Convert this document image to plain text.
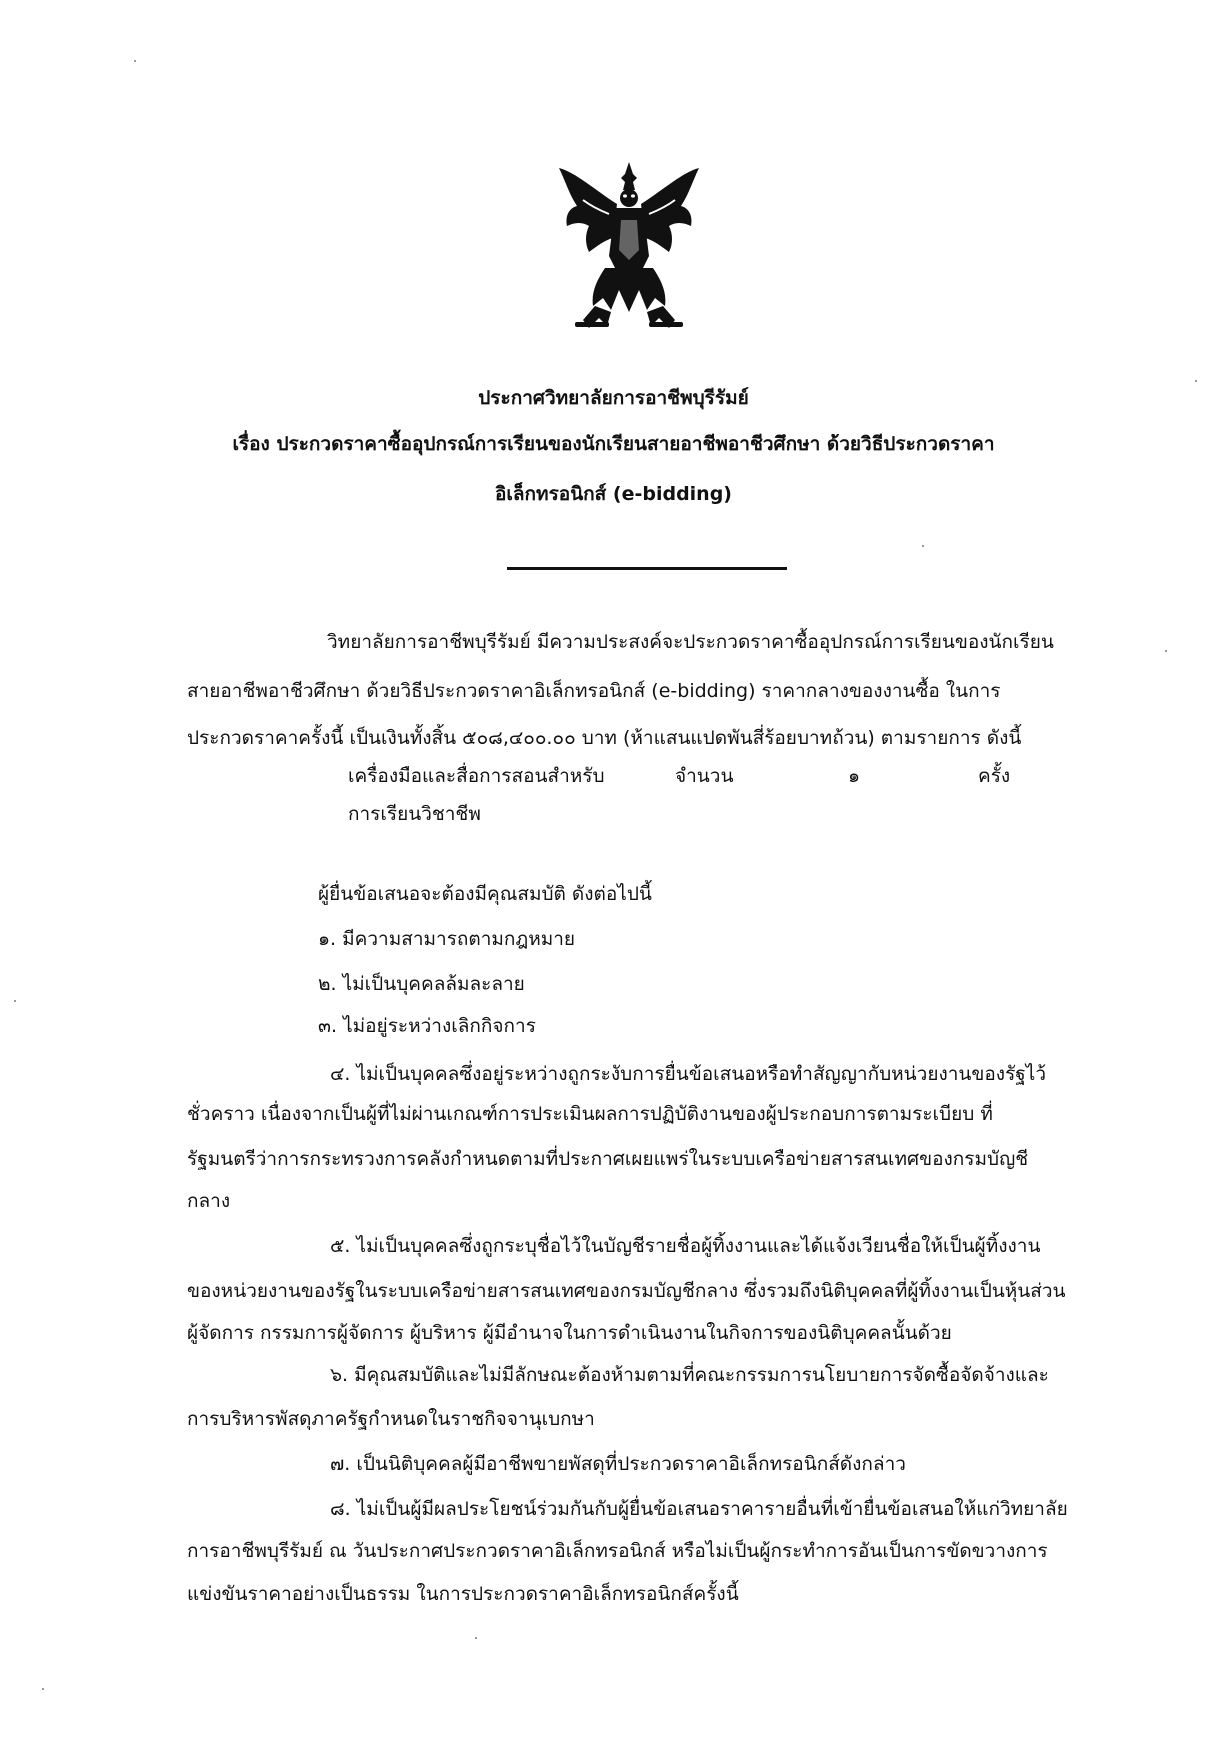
ประกาศวิทยาลัยการอาชีพบุรีรัมย์
เรื่อง ประกวดราคาซื้ออุปกรณ์การเรียนของนักเรียนสายอาชีพอาชีวศึกษา ด้วยวิธีประกวดราคา
อิเล็กทรอนิกส์ (e-bidding)
วิทยาลัยการอาชีพบุรีรัมย์ มีความประสงค์จะประกวดราคาซื้ออุปกรณ์การเรียนของนักเรียน
สายอาชีพอาชีวศึกษา ด้วยวิธีประกวดราคาอิเล็กทรอนิกส์ (e-bidding) ราคากลางของงานซื้อ ในการ
ประกวดราคาครั้งนี้ เป็นเงินทั้งสิ้น ๕๐๘,๔๐๐.๐๐ บาท (ห้าแสนแปดพันสี่ร้อยบาทถ้วน) ตามรายการ ดังนี้
เครื่องมือและสื่อการสอนสำหรับ
การเรียนวิชาชีพ
จำนวน	๑	ครั้ง
ผู้ยื่นข้อเสนอจะต้องมีคุณสมบัติ ดังต่อไปนี้
๑. มีความสามารถตามกฎหมาย
๒. ไม่เป็นบุคคลล้มละลาย
๓. ไม่อยู่ระหว่างเลิกกิจการ
๔. ไม่เป็นบุคคลซึ่งอยู่ระหว่างถูกระงับการยื่นข้อเสนอหรือทำสัญญากับหน่วยงานของรัฐไว้
ชั่วคราว เนื่องจากเป็นผู้ที่ไม่ผ่านเกณฑ์การประเมินผลการปฏิบัติงานของผู้ประกอบการตามระเบียบ ที่
รัฐมนตรีว่าการกระทรวงการคลังกำหนดตามที่ประกาศเผยแพร่ในระบบเครือข่ายสารสนเทศของกรมบัญชี
กลาง
๕. ไม่เป็นบุคคลซึ่งถูกระบุชื่อไว้ในบัญชีรายชื่อผู้ทิ้งงานและได้แจ้งเวียนชื่อให้เป็นผู้ทิ้งงาน
ของหน่วยงานของรัฐในระบบเครือข่ายสารสนเทศของกรมบัญชีกลาง ซึ่งรวมถึงนิติบุคคลที่ผู้ทิ้งงานเป็นหุ้นส่วน
ผู้จัดการ กรรมการผู้จัดการ ผู้บริหาร ผู้มีอำนาจในการดำเนินงานในกิจการของนิติบุคคลนั้นด้วย
๖. มีคุณสมบัติและไม่มีลักษณะต้องห้ามตามที่คณะกรรมการนโยบายการจัดซื้อจัดจ้างและ
การบริหารพัสดุภาครัฐกำหนดในราชกิจจานุเบกษา
๗. เป็นนิติบุคคลผู้มีอาชีพขายพัสดุที่ประกวดราคาอิเล็กทรอนิกส์ดังกล่าว
๘. ไม่เป็นผู้มีผลประโยชน์ร่วมกันกับผู้ยื่นข้อเสนอราคารายอื่นที่เข้ายื่นข้อเสนอให้แก่วิทยาลัย
การอาชีพบุรีรัมย์ ณ วันประกาศประกวดราคาอิเล็กทรอนิกส์ หรือไม่เป็นผู้กระทำการอันเป็นการขัดขวางการ
แข่งขันราคาอย่างเป็นธรรม ในการประกวดราคาอิเล็กทรอนิกส์ครั้งนี้
